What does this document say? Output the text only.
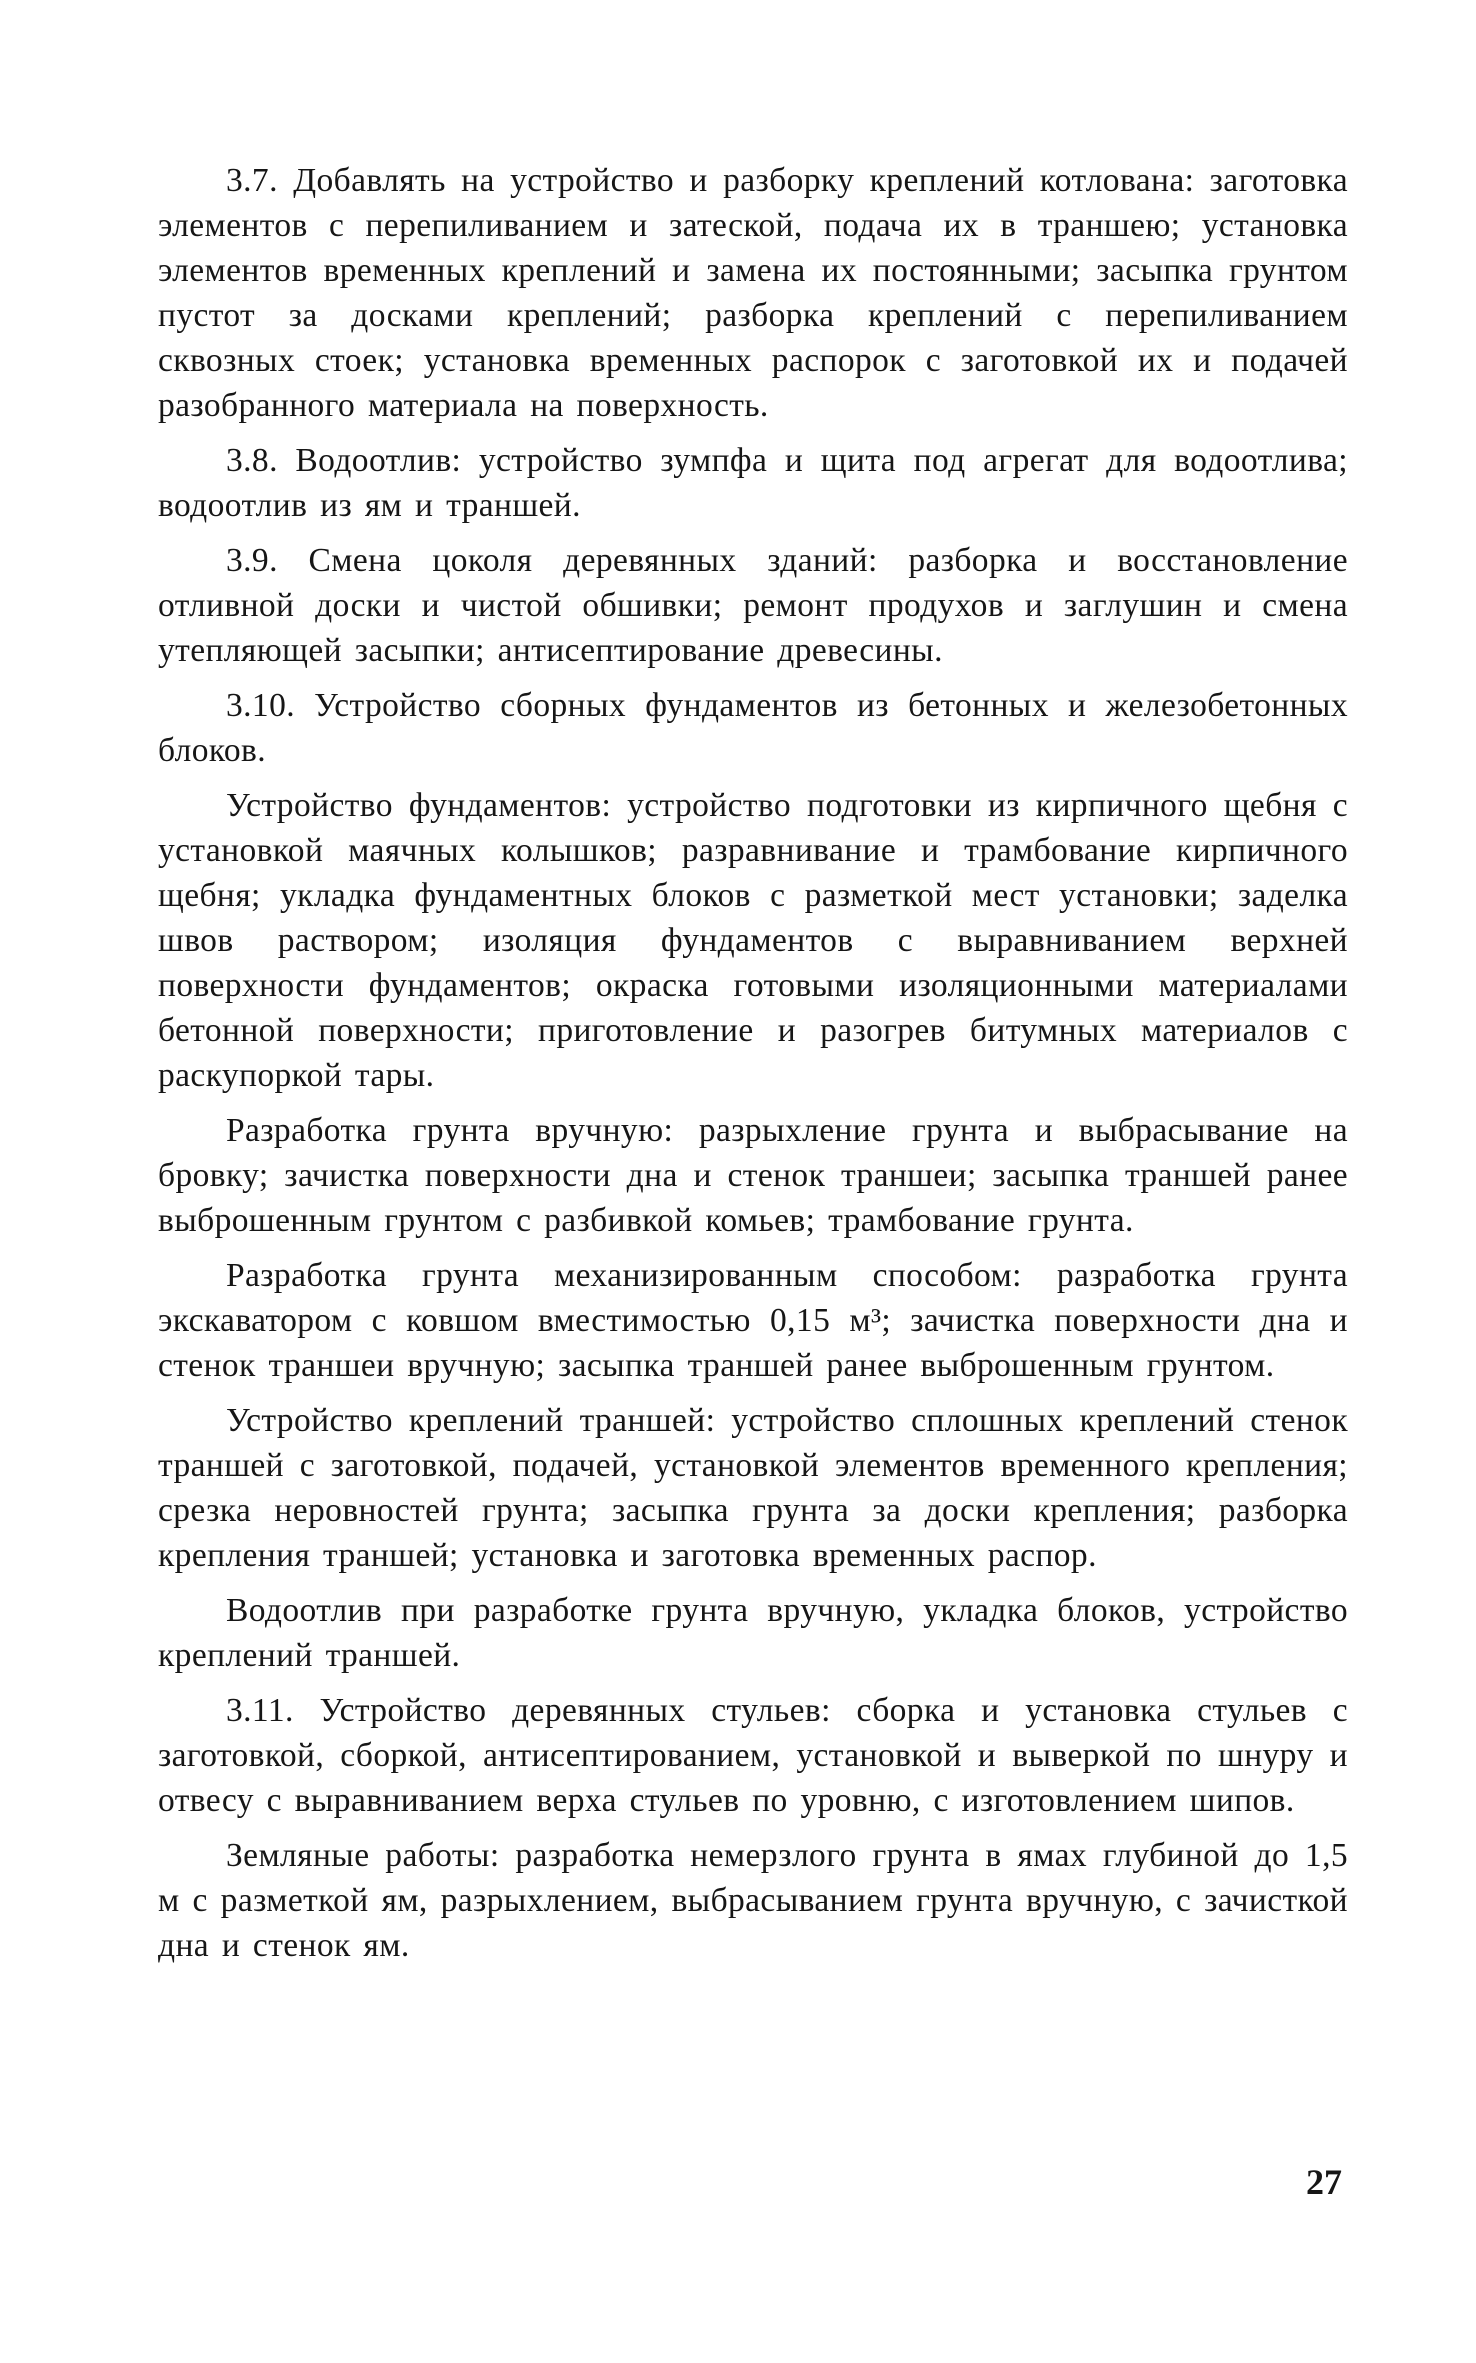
3.7. Добавлять на устройство и разборку креплений котлована: заготовка элементов с перепиливанием и затеской, подача их в траншею; установка элементов временных креплений и замена их постоянными; засыпка грунтом пустот за досками креплений; разборка креплений с перепиливанием сквозных стоек; установка временных распорок с заготовкой их и подачей разобранного материала на поверхность.

3.8. Водоотлив: устройство зумпфа и щита под агрегат для водоотлива; водоотлив из ям и траншей.

3.9. Смена цоколя деревянных зданий: разборка и восстановление отливной доски и чистой обшивки; ремонт продухов и заглушин и смена утепляющей засыпки; антисептирование древесины.

3.10. Устройство сборных фундаментов из бетонных и железобетонных блоков.

Устройство фундаментов: устройство подготовки из кирпичного щебня с установкой маячных колышков; разравнивание и трамбование кирпичного щебня; укладка фундаментных блоков с разметкой мест установки; заделка швов раствором; изоляция фундаментов с выравниванием верхней поверхности фундаментов; окраска готовыми изоляционными материалами бетонной поверхности; приготовление и разогрев битумных материалов с раскупоркой тары.

Разработка грунта вручную: разрыхление грунта и выбрасывание на бровку; зачистка поверхности дна и стенок траншеи; засыпка траншей ранее выброшенным грунтом с разбивкой комьев; трамбование грунта.

Разработка грунта механизированным способом: разработка грунта экскаватором с ковшом вместимостью 0,15 м³; зачистка поверхности дна и стенок траншеи вручную; засыпка траншей ранее выброшенным грунтом.

Устройство креплений траншей: устройство сплошных креплений стенок траншей с заготовкой, подачей, установкой элементов временного крепления; срезка неровностей грунта; засыпка грунта за доски крепления; разборка крепления траншей; установка и заготовка временных распор.

Водоотлив при разработке грунта вручную, укладка блоков, устройство креплений траншей.

3.11. Устройство деревянных стульев: сборка и установка стульев с заготовкой, сборкой, антисептированием, установкой и выверкой по шнуру и отвесу с выравниванием верха стульев по уровню, с изготовлением шипов.

Земляные работы: разработка немерзлого грунта в ямах глубиной до 1,5 м с разметкой ям, разрыхлением, выбрасыванием грунта вручную, с зачисткой дна и стенок ям.

27
